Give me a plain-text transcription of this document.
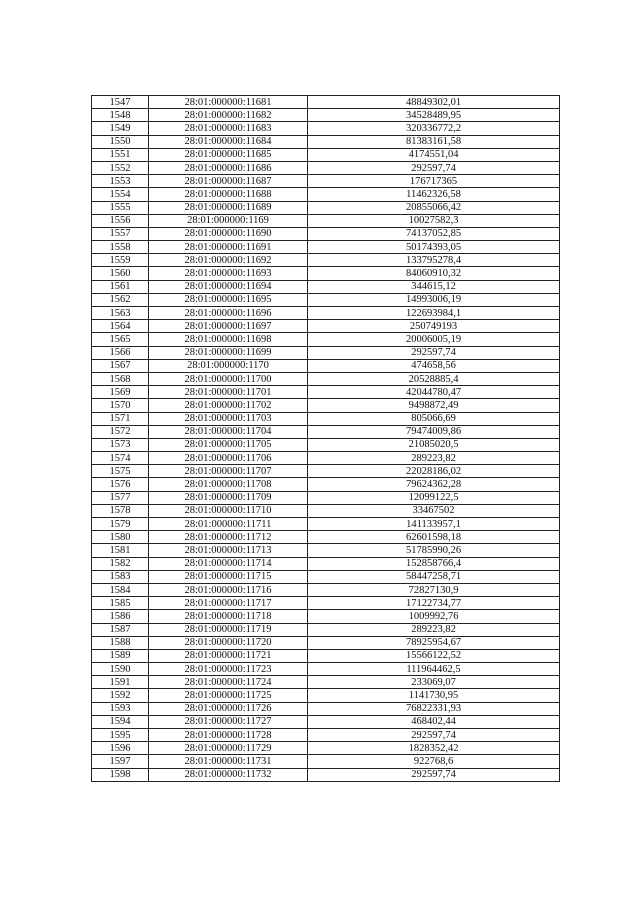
1547	28:01:000000:11681	48849302,01
1548	28:01:000000:11682	34528489,95
1549	28:01:000000:11683	320336772,2
1550	28:01:000000:11684	81383161,58
1551	28:01:000000:11685	4174551,04
1552	28:01:000000:11686	292597,74
1553	28:01:000000:11687	176717365
1554	28:01:000000:11688	11462326,58
1555	28:01:000000:11689	20855066,42
1556	28:01:000000:1169	10027582,3
1557	28:01:000000:11690	74137052,85
1558	28:01:000000:11691	50174393,05
1559	28:01:000000:11692	133795278,4
1560	28:01:000000:11693	84060910,32
1561	28:01:000000:11694	344615,12
1562	28:01:000000:11695	14993006,19
1563	28:01:000000:11696	122693984,1
1564	28:01:000000:11697	250749193
1565	28:01:000000:11698	20006005,19
1566	28:01:000000:11699	292597,74
1567	28:01:000000:1170	474658,56
1568	28:01:000000:11700	20528885,4
1569	28:01:000000:11701	42044780,47
1570	28:01:000000:11702	9498872,49
1571	28:01:000000:11703	805066,69
1572	28:01:000000:11704	79474009,86
1573	28:01:000000:11705	21085020,5
1574	28:01:000000:11706	289223,82
1575	28:01:000000:11707	22028186,02
1576	28:01:000000:11708	79624362,28
1577	28:01:000000:11709	12099122,5
1578	28:01:000000:11710	33467502
1579	28:01:000000:11711	141133957,1
1580	28:01:000000:11712	62601598,18
1581	28:01:000000:11713	51785990,26
1582	28:01:000000:11714	152858766,4
1583	28:01:000000:11715	58447258,71
1584	28:01:000000:11716	72827130,9
1585	28:01:000000:11717	17122734,77
1586	28:01:000000:11718	1009992,76
1587	28:01:000000:11719	289223,82
1588	28:01:000000:11720	78925954,67
1589	28:01:000000:11721	15566122,52
1590	28:01:000000:11723	111964462,5
1591	28:01:000000:11724	233069,07
1592	28:01:000000:11725	1141730,95
1593	28:01:000000:11726	76822331,93
1594	28:01:000000:11727	468402,44
1595	28:01:000000:11728	292597,74
1596	28:01:000000:11729	1828352,42
1597	28:01:000000:11731	922768,6
1598	28:01:000000:11732	292597,74
